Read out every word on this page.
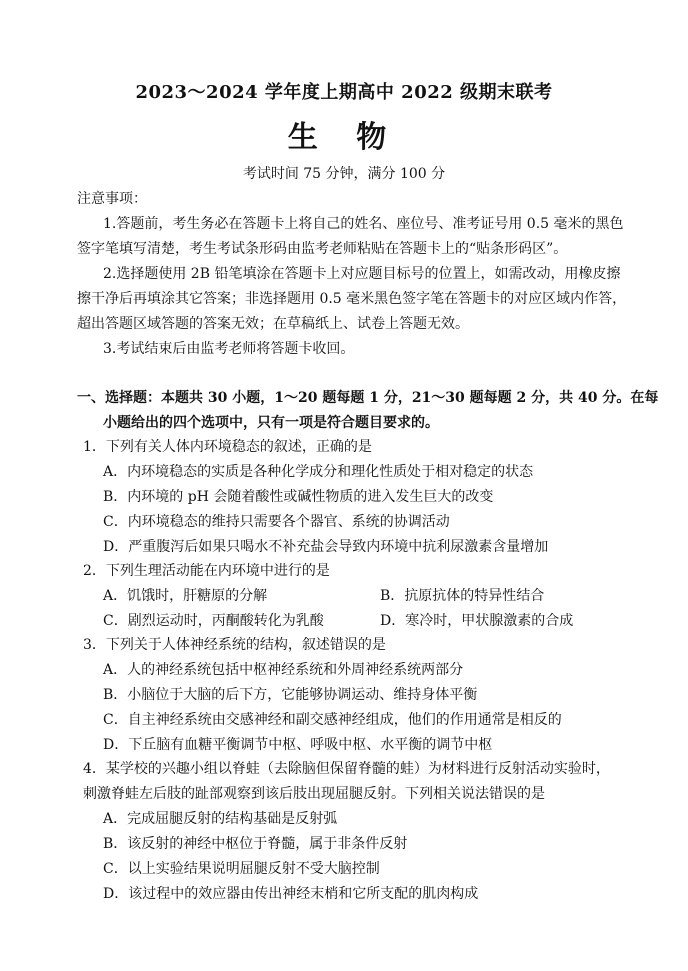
2023～2024 学年度上期高中 2022 级期末联考
生 物
考试时间 75 分钟，满分 100 分
注意事项：
1.答题前，考生务必在答题卡上将自己的姓名、座位号、准考证号用 0.5 毫米的黑色
签字笔填写清楚，考生考试条形码由监考老师粘贴在答题卡上的“贴条形码区”。
2.选择题使用 2B 铅笔填涂在答题卡上对应题目标号的位置上，如需改动，用橡皮擦
擦干净后再填涂其它答案；非选择题用 0.5 毫米黑色签字笔在答题卡的对应区域内作答，
超出答题区域答题的答案无效；在草稿纸上、试卷上答题无效。
3.考试结束后由监考老师将答题卡收回。
一、选择题：本题共 30 小题，1～20 题每题 1 分，21～30 题每题 2 分，共 40 分。在每
小题给出的四个选项中，只有一项是符合题目要求的。
1．下列有关人体内环境稳态的叙述，正确的是
A．内环境稳态的实质是各种化学成分和理化性质处于相对稳定的状态
B．内环境的 pH 会随着酸性或碱性物质的进入发生巨大的改变
C．内环境稳态的维持只需要各个器官、系统的协调活动
D．严重腹泻后如果只喝水不补充盐会导致内环境中抗利尿激素含量增加
2．下列生理活动能在内环境中进行的是
A．饥饿时，肝糖原的分解	B．抗原抗体的特异性结合
C．剧烈运动时，丙酮酸转化为乳酸	D．寒冷时，甲状腺激素的合成
3．下列关于人体神经系统的结构，叙述错误的是
A．人的神经系统包括中枢神经系统和外周神经系统两部分
B．小脑位于大脑的后下方，它能够协调运动、维持身体平衡
C．自主神经系统由交感神经和副交感神经组成，他们的作用通常是相反的
D．下丘脑有血糖平衡调节中枢、呼吸中枢、水平衡的调节中枢
4．某学校的兴趣小组以脊蛙（去除脑但保留脊髓的蛙）为材料进行反射活动实验时，
刺激脊蛙左后肢的趾部观察到该后肢出现屈腿反射。下列相关说法错误的是
A．完成屈腿反射的结构基础是反射弧
B．该反射的神经中枢位于脊髓，属于非条件反射
C．以上实验结果说明屈腿反射不受大脑控制
D．该过程中的效应器由传出神经末梢和它所支配的肌肉构成
